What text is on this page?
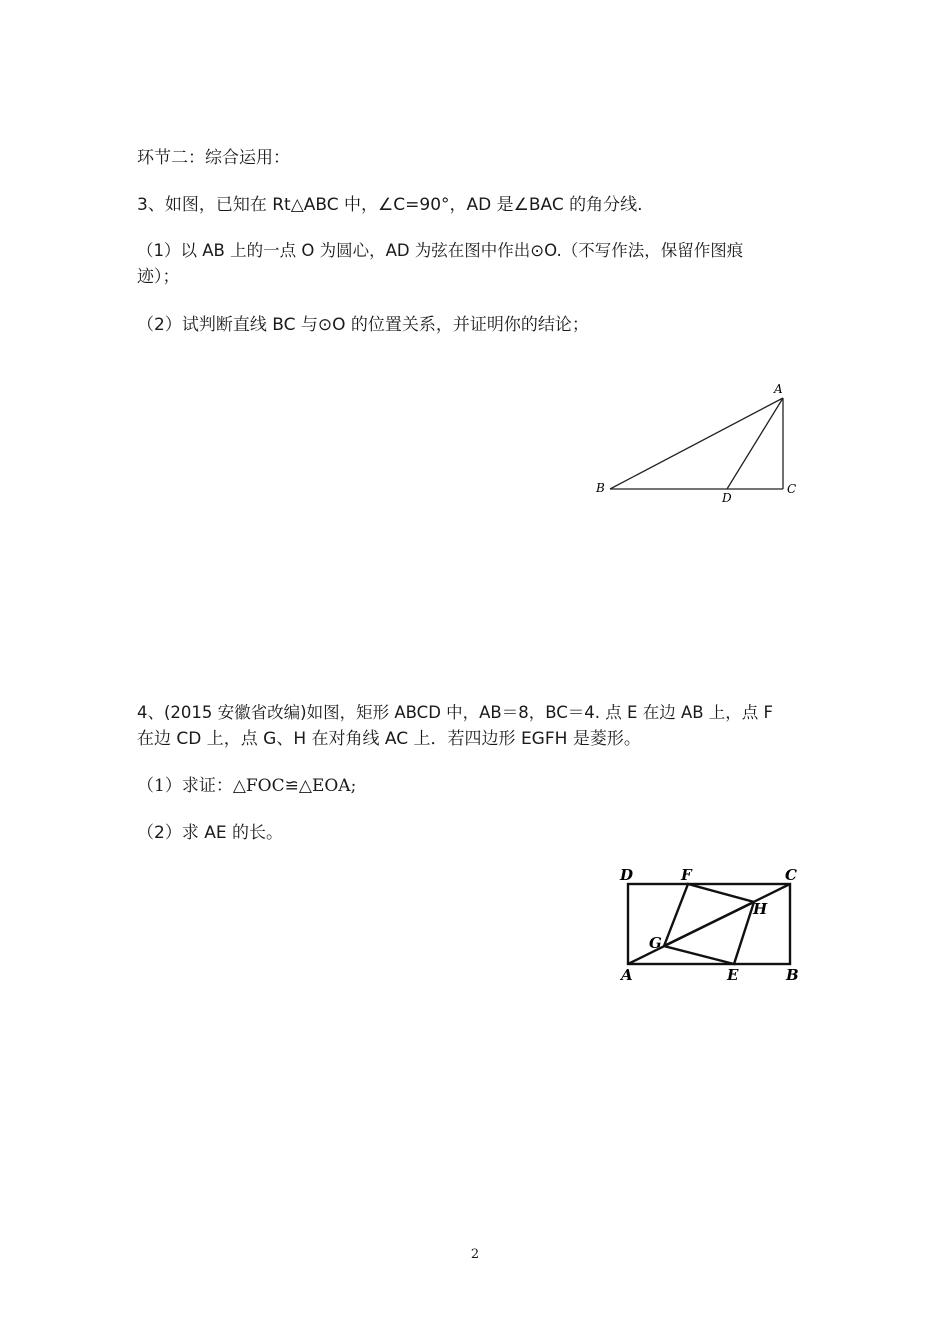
环节二：综合运用：
3、如图，已知在 Rt△ABC 中，∠C=90°，AD 是∠BAC 的角分线.
（1）以 AB 上的一点 O 为圆心，AD 为弦在图中作出⊙O.（不写作法，保留作图痕
迹）；
（2）试判断直线 BC 与⊙O 的位置关系，并证明你的结论；
A
B	C
D
4、(2015 安徽省改编)如图，矩形 ABCD 中，AB＝8，BC＝4. 点 E 在边 AB 上，点 F
在边 CD 上，点 G、H 在对角线 AC 上．若四边形 EGFH 是菱形。
（1）求证：△FOC≌△EOA;
（2）求 AE 的长。
D	F	C
H
G
A	E	B
2
